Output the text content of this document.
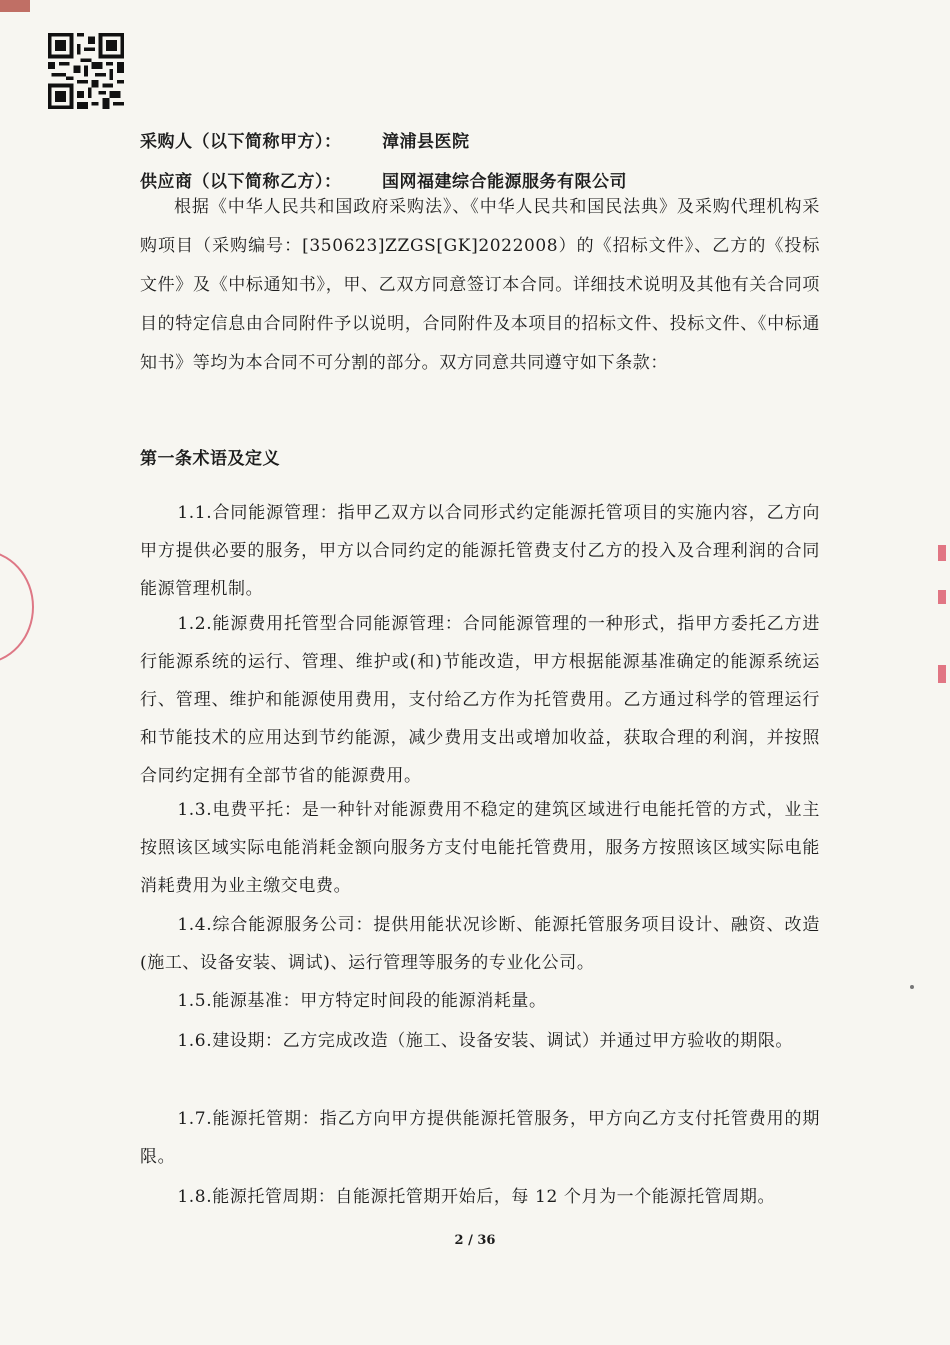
采购人（以下简称甲方）： 漳浦县医院
供应商（以下简称乙方）： 国网福建综合能源服务有限公司

根据《中华人民共和国政府采购法》、《中华人民共和国民法典》及采购代理机构采购项目（采购编号：[350623]ZZGS[GK]2022008）的《招标文件》、乙方的《投标文件》及《中标通知书》，甲、乙双方同意签订本合同。详细技术说明及其他有关合同项目的特定信息由合同附件予以说明，合同附件及本项目的招标文件、投标文件、《中标通知书》等均为本合同不可分割的部分。双方同意共同遵守如下条款：

第一条术语及定义

1.1.合同能源管理：指甲乙双方以合同形式约定能源托管项目的实施内容，乙方向甲方提供必要的服务，甲方以合同约定的能源托管费支付乙方的投入及合理利润的合同能源管理机制。

1.2.能源费用托管型合同能源管理：合同能源管理的一种形式，指甲方委托乙方进行能源系统的运行、管理、维护或(和)节能改造，甲方根据能源基准确定的能源系统运行、管理、维护和能源使用费用，支付给乙方作为托管费用。乙方通过科学的管理运行和节能技术的应用达到节约能源，减少费用支出或增加收益，获取合理的利润，并按照合同约定拥有全部节省的能源费用。

1.3.电费平托：是一种针对能源费用不稳定的建筑区域进行电能托管的方式，业主按照该区域实际电能消耗金额向服务方支付电能托管费用，服务方按照该区域实际电能消耗费用为业主缴交电费。

1.4.综合能源服务公司：提供用能状况诊断、能源托管服务项目设计、融资、改造(施工、设备安装、调试)、运行管理等服务的专业化公司。

1.5.能源基准：甲方特定时间段的能源消耗量。

1.6.建设期：乙方完成改造（施工、设备安装、调试）并通过甲方验收的期限。

1.7.能源托管期：指乙方向甲方提供能源托管服务，甲方向乙方支付托管费用的期限。

1.8.能源托管周期：自能源托管期开始后，每 12 个月为一个能源托管周期。

2 / 36
